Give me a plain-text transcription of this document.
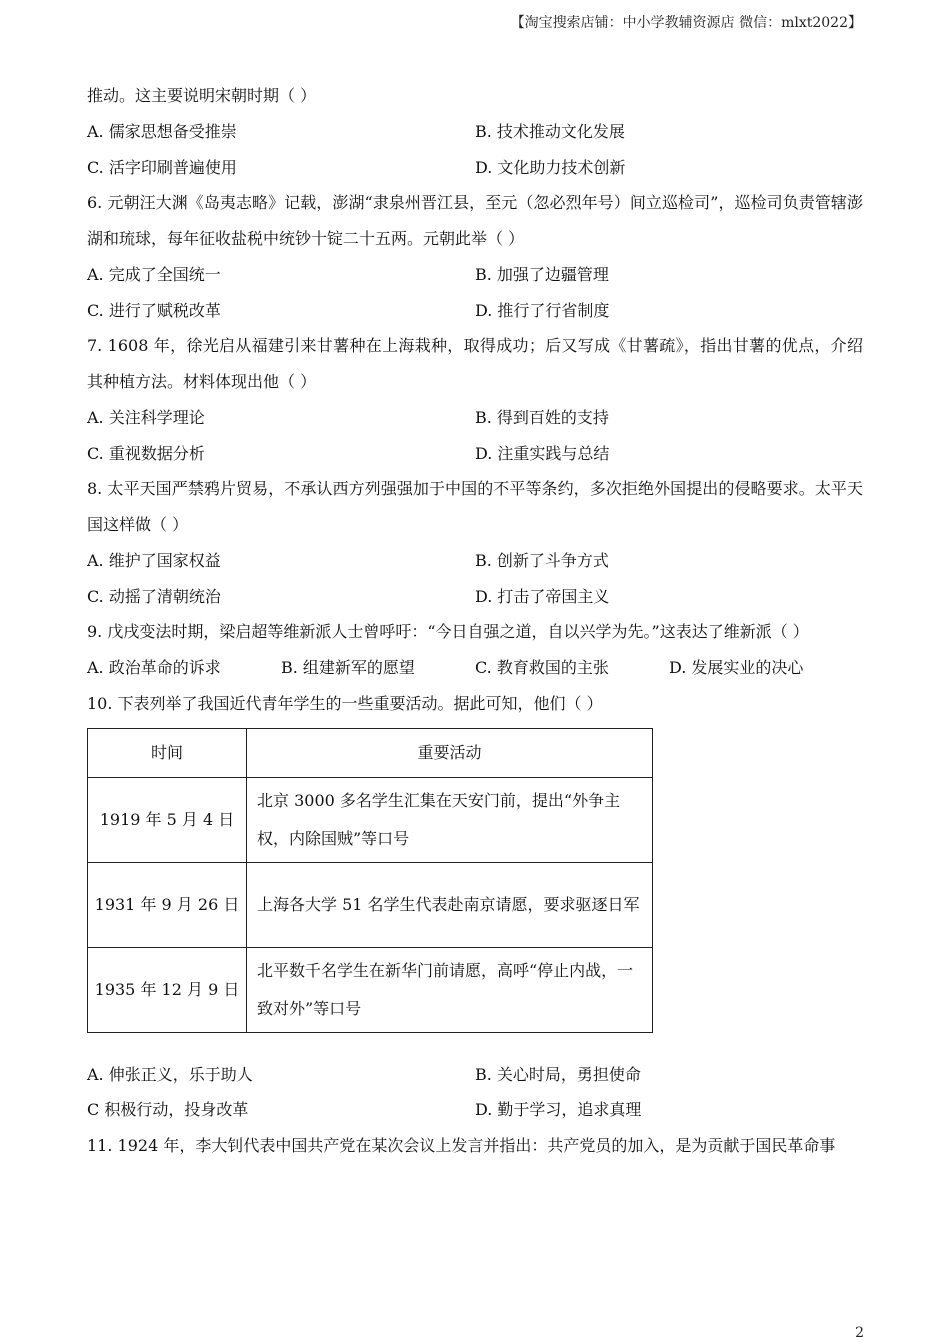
【淘宝搜索店铺：中小学教辅资源店 微信：mlxt2022】

推动。这主要说明宋朝时期（ ）

A. 儒家思想备受推崇	B. 技术推动文化发展
C. 活字印刷普遍使用	D. 文化助力技术创新

6. 元朝汪大渊《岛夷志略》记载，澎湖“隶泉州晋江县，至元（忽必烈年号）间立巡检司”，巡检司负责管辖澎湖和琉球，每年征收盐税中统钞十锭二十五两。元朝此举（ ）

A. 完成了全国统一	B. 加强了边疆管理
C. 进行了赋税改革	D. 推行了行省制度

7. 1608 年，徐光启从福建引来甘薯种在上海栽种，取得成功；后又写成《甘薯疏》，指出甘薯的优点，介绍其种植方法。材料体现出他（ ）

A. 关注科学理论	B. 得到百姓的支持
C. 重视数据分析	D. 注重实践与总结

8. 太平天国严禁鸦片贸易，不承认西方列强强加于中国的不平等条约，多次拒绝外国提出的侵略要求。太平天国这样做（ ）

A. 维护了国家权益	B. 创新了斗争方式
C. 动摇了清朝统治	D. 打击了帝国主义

9. 戊戌变法时期，梁启超等维新派人士曾呼吁：“今日自强之道，自以兴学为先。”这表达了维新派（ ）

A. 政治革命的诉求	B. 组建新军的愿望	C. 教育救国的主张	D. 发展实业的决心

10. 下表列举了我国近代青年学生的一些重要活动。据此可知，他们（ ）

时间	重要活动
1919 年 5 月 4 日	北京 3000 多名学生汇集在天安门前，提出“外争主权，内除国贼”等口号
1931 年 9 月 26 日	上海各大学 51 名学生代表赴南京请愿，要求驱逐日军
1935 年 12 月 9 日	北平数千名学生在新华门前请愿，高呼“停止内战，一致对外”等口号
A. 伸张正义，乐于助人	B. 关心时局，勇担使命
C 积极行动，投身改革	D. 勤于学习，追求真理

11. 1924 年，李大钊代表中国共产党在某次会议上发言并指出：共产党员的加入，是为贡献于国民革命事

2
